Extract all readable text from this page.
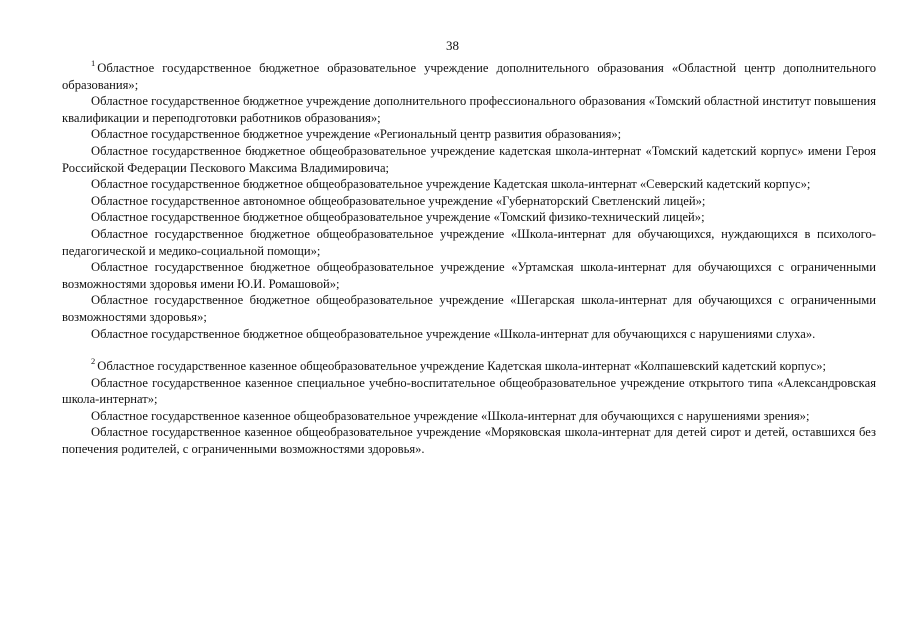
38

$^1$ Областное государственное бюджетное образовательное учреждение дополнительного образования «Областной центр дополнительного образования»;

Областное государственное бюджетное учреждение дополнительного профессионального образования «Томский областной институт повышения квалификации и переподготовки работников образования»;

Областное государственное бюджетное учреждение «Региональный центр развития образования»;

Областное государственное бюджетное общеобразовательное учреждение кадетская школа-интернат «Томский кадетский корпус» имени Героя Российской Федерации Пескового Максима Владимировича;

Областное государственное бюджетное общеобразовательное учреждение Кадетская школа-интернат «Северский кадетский корпус»;

Областное государственное автономное общеобразовательное учреждение «Губернаторский Светленский лицей»;

Областное государственное бюджетное общеобразовательное учреждение «Томский физико-технический лицей»;

Областное государственное бюджетное общеобразовательное учреждение «Школа-интернат для обучающихся, нуждающихся в психолого-педагогической и медико-социальной помощи»;

Областное государственное бюджетное общеобразовательное учреждение «Уртамская школа-интернат для обучающихся с ограниченными возможностями здоровья имени Ю.И. Ромашовой»;

Областное государственное бюджетное общеобразовательное учреждение «Шегарская школа-интернат для обучающихся с ограниченными возможностями здоровья»;

Областное государственное бюджетное общеобразовательное учреждение «Школа-интернат для обучающихся с нарушениями слуха».

$^2$ Областное государственное казенное общеобразовательное учреждение Кадетская школа-интернат «Колпашевский кадетский корпус»;

Областное государственное казенное специальное учебно-воспитательное общеобразовательное учреждение открытого типа «Александровская школа-интернат»;

Областное государственное казенное общеобразовательное учреждение «Школа-интернат для обучающихся с нарушениями зрения»;

Областное государственное казенное общеобразовательное учреждение «Моряковская школа-интернат для детей сирот и детей, оставшихся без попечения родителей, с ограниченными возможностями здоровья».
